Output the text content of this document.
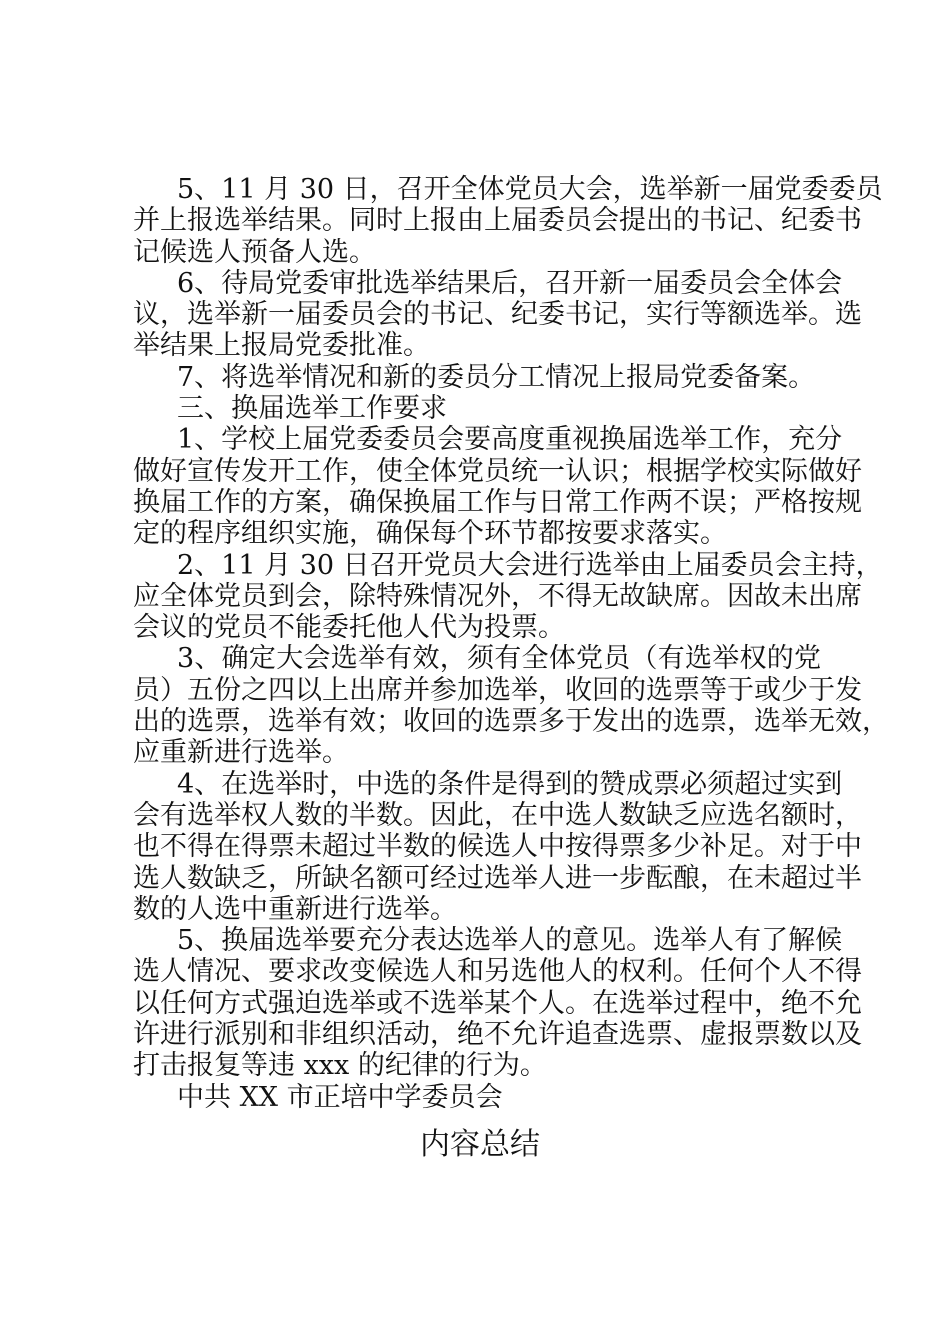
5、11 月 30 日，召开全体党员大会，选举新一届党委委员
并上报选举结果。同时上报由上届委员会提出的书记、纪委书
记候选人预备人选。
6、待局党委审批选举结果后，召开新一届委员会全体会
议，选举新一届委员会的书记、纪委书记，实行等额选举。选
举结果上报局党委批准。
7、将选举情况和新的委员分工情况上报局党委备案。
三、换届选举工作要求
1、学校上届党委委员会要高度重视换届选举工作，充分
做好宣传发开工作，使全体党员统一认识；根据学校实际做好
换届工作的方案，确保换届工作与日常工作两不误；严格按规
定的程序组织实施，确保每个环节都按要求落实。
2、11 月 30 日召开党员大会进行选举由上届委员会主持，
应全体党员到会，除特殊情况外，不得无故缺席。因故未出席
会议的党员不能委托他人代为投票。
3、确定大会选举有效，须有全体党员（有选举权的党
员）五份之四以上出席并参加选举，收回的选票等于或少于发
出的选票，选举有效；收回的选票多于发出的选票，选举无效，
应重新进行选举。
4、在选举时，中选的条件是得到的赞成票必须超过实到
会有选举权人数的半数。因此，在中选人数缺乏应选名额时，
也不得在得票未超过半数的候选人中按得票多少补足。对于中
选人数缺乏，所缺名额可经过选举人进一步酝酿，在未超过半
数的人选中重新进行选举。
5、换届选举要充分表达选举人的意见。选举人有了解候
选人情况、要求改变候选人和另选他人的权利。任何个人不得
以任何方式强迫选举或不选举某个人。在选举过程中，绝不允
许进行派别和非组织活动，绝不允许追查选票、虚报票数以及
打击报复等违 xxx 的纪律的行为。
中共 XX 市正培中学委员会
内容总结
